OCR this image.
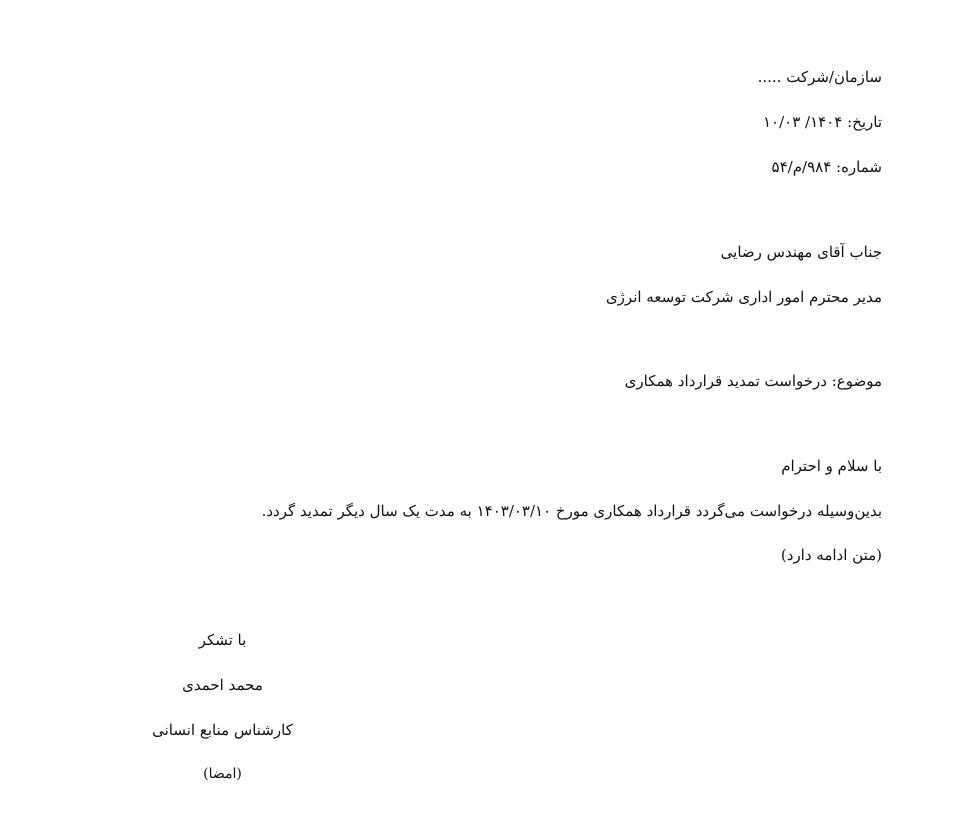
سازمان/شرکت .....
تاریخ: ۱۴۰۴/ ۱۰/۰۳
شماره: ۹۸۴/م/۵۴
جناب آقای مهندس رضایی
مدیر محترم امور اداری شرکت توسعه انرژی
موضوع: درخواست تمدید قرارداد همکاری
با سلام و احترام
بدین‌وسیله درخواست می‌گردد قرارداد همکاری مورخ ۱۴۰۳/۰۳/۱۰ به مدت یک سال دیگر تمدید گردد.
(متن ادامه دارد)
با تشکر
محمد احمدی
کارشناس منابع انسانی
(امضا)
